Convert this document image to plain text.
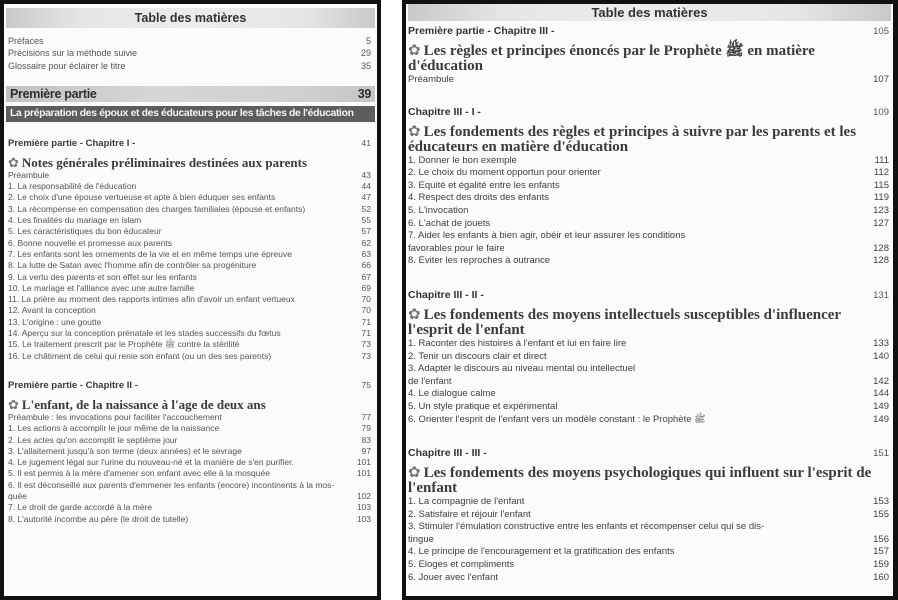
Table des matières
Préfaces	5
Précisions sur la méthode suivie	29
Glossaire pour éclairer le titre	35
Première partie	39
La préparation des époux et des éducateurs pour les tâches de l'éducation
Première partie - Chapitre I -	41
✿ Notes générales préliminaires destinées aux parents
Préambule	43
1. La responsabilité de l'éducation	44
2. Le choix d'une épouse vertueuse et apte à bien éduquer ses enfants	47
3. La récompense en compensation des charges familiales (épouse et enfants)	52
4. Les finalités du mariage en islam	55
5. Les caractéristiques du bon éducateur	57
6. Bonne nouvelle et promesse aux parents	62
7. Les enfants sont les ornements de la vie et en même temps une épreuve	63
8. La lutte de Satan avec l'homme afin de contrôler sa progéniture	66
9. La vertu des parents et son effet sur les enfants	67
10. Le mariage et l'alliance avec une autre famille	69
11. La prière au moment des rapports intimes afin d'avoir un enfant vertueux	70
12. Avant la conception	70
13. L'origine : une goutte	71
14. Aperçu sur la conception prénatale et les stades successifs du fœtus	71
15. Le traitement prescrit par le Prophète ﷺ contre la stérilité	73
16. Le châtiment de celui qui renie son enfant (ou un des ses parents)	73
Première partie - Chapitre II -	75
✿ L'enfant, de la naissance à l'age de deux ans
Préambule : les invocations pour faciliter l'accouchement	77
1. Les actions à accomplir le jour même de la naissance	79
2. Les actes qu'on accomplit le septième jour	83
3. L'allaitement jusqu'à son terme (deux années) et le sevrage	97
4. Le jugement légal sur l'urine du nouveau-né et la manière de s'en purifier.	101
5. Il est permis à la mère d'amener son enfant avec elle à la mosquée	101
6. Il est déconseillé aux parents d'emmener les enfants (encore) incontinents à la mos-
quée	102
7. Le droit de garde accordé à la mère	103
8. L'autorité incombe au père (le droit de tutelle)	103
Table des matières
Première partie - Chapitre III -	105
✿ Les règles et principes énoncés par le Prophète ﷺ en matière d'éducation
Préambule	107
Chapitre III - I -	109
✿ Les fondements des règles et principes à suivre par les parents et les éducateurs en matière d'éducation
1. Donner le bon exemple	111
2. Le choix du moment opportun pour orienter	112
3. Equité et égalité entre les enfants	115
4. Respect des droits des enfants	119
5. L'invocation	123
6. L'achat de jouets	127
7. Aider les enfants à bien agir, obéir et leur assurer les conditions
favorables pour le faire	128
8. Eviter les reproches à outrance	128
Chapitre III - II -	131
✿ Les fondements des moyens intellectuels susceptibles d'influencer l'esprit de l'enfant
1. Raconter des histoires à l'enfant et lui en faire lire	133
2. Tenir un discours clair et direct	140
3. Adapter le discours au niveau mental ou intellectuel
de l'enfant	142
4. Le dialogue calme	144
5. Un style pratique et expérimental	149
6. Orienter l'esprit de l'enfant vers un modèle constant : le Prophète ﷺ	149
Chapitre III - III -	151
✿ Les fondements des moyens psychologiques qui influent sur l'esprit de l'enfant
1. La compagnie de l'enfant	153
2. Satisfaire et réjouir l'enfant	155
3. Stimuler l'émulation constructive entre les enfants et récompenser celui qui se dis-
tingue	156
4. Le principe de l'encouragement et la gratification des enfants	157
5. Eloges et compliments	159
6. Jouer avec l'enfant	160
